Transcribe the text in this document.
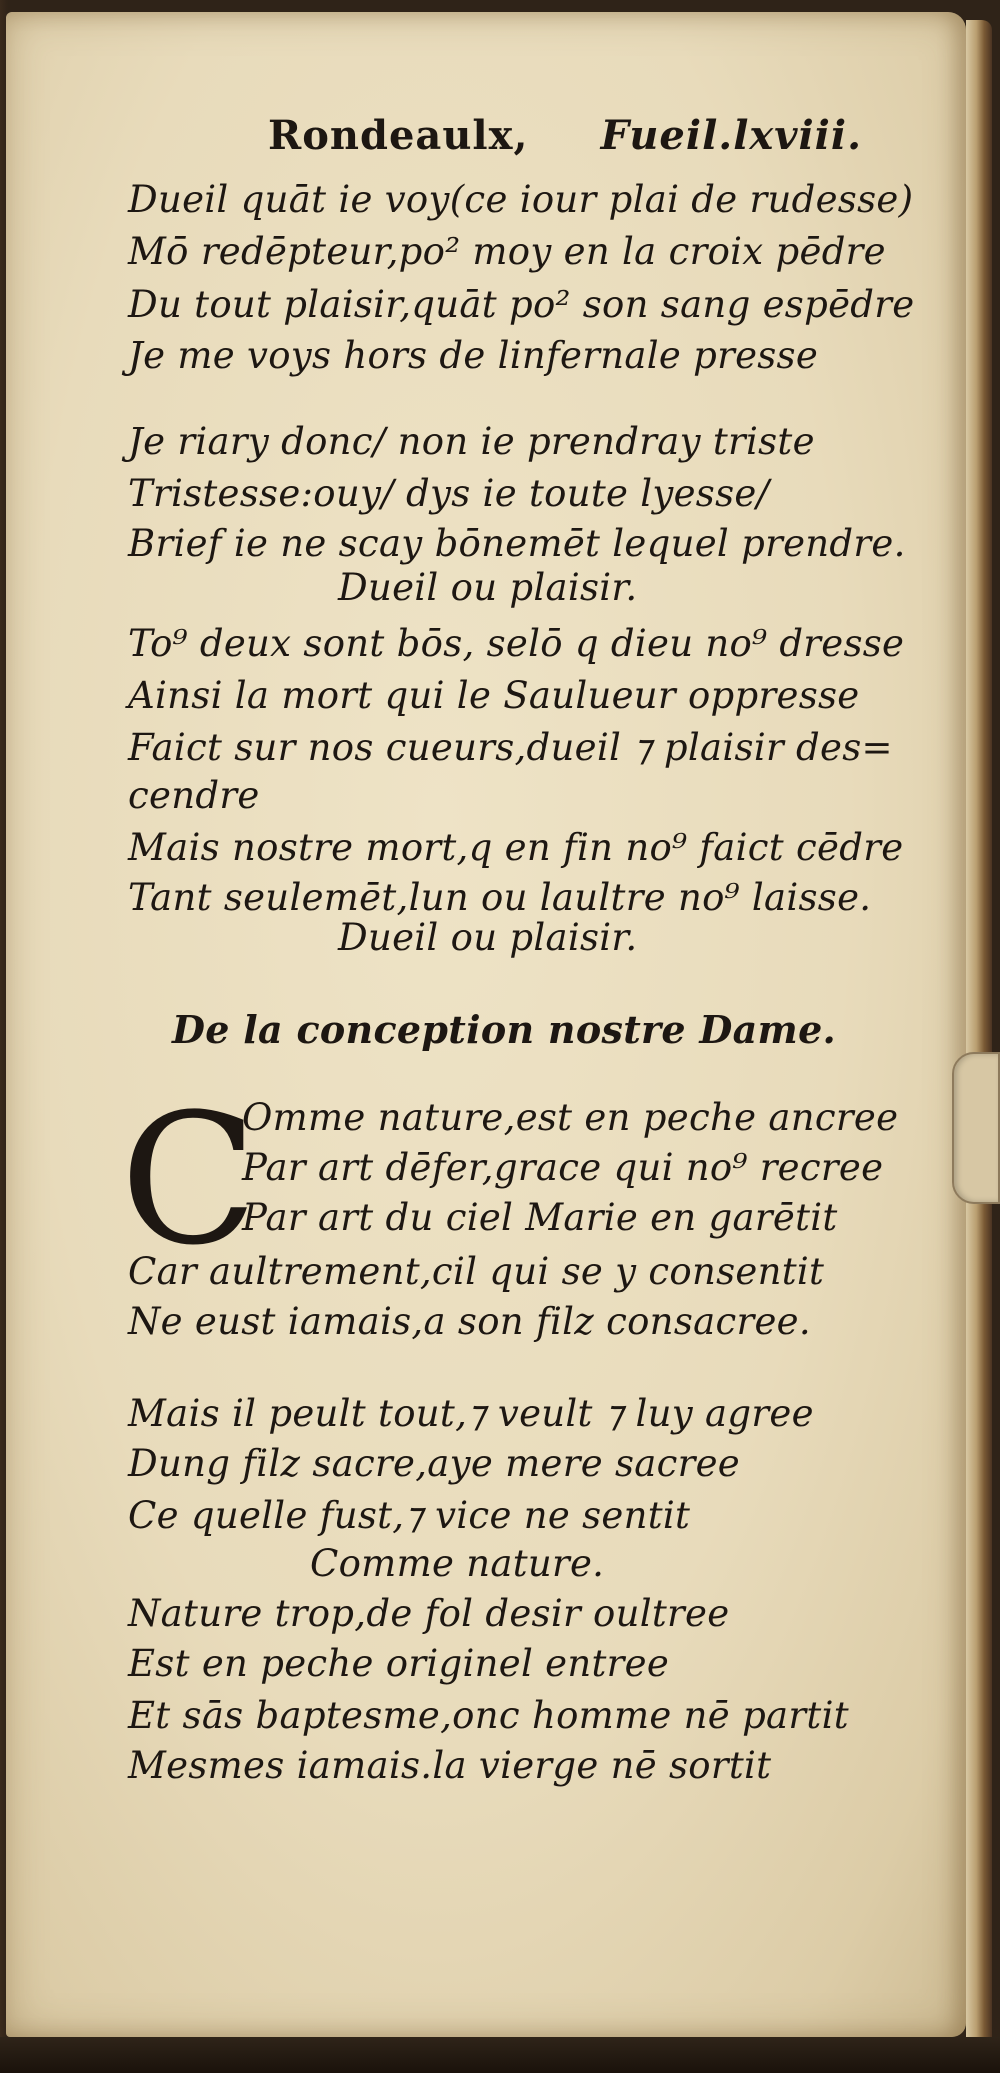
Rondeaulx, Fueil.lxviii.
Dueil quāt ie voy(ce iour plai de rudesse)
Mō redēpteur,po² moy en la croix pēdre
Du tout plaisir,quāt po² son sang espēdre
Je me voys hors de linfernale presse
Je riary donc/ non ie prendray triste
Tristesse:ouy/ dys ie toute lyesse/
Brief ie ne scay bōnemēt lequel prendre.
Dueil ou plaisir.
To⁹ deux sont bōs, selō q dieu no⁹ dresse
Ainsi la mort qui le Saulueur oppresse
Faict sur nos cueurs,dueil ⁊ plaisir des=
cendre
Mais nostre mort,q en fin no⁹ faict cēdre
Tant seulemēt,lun ou laultre no⁹ laisse.
Dueil ou plaisir.
De la conception nostre Dame.
C
Omme nature,est en peche ancree
Par art dēfer,grace qui no⁹ recree
Par art du ciel Marie en garētit
Car aultrement,cil qui se y consentit
Ne eust iamais,a son filz consacree.
Mais il peult tout,⁊ veult ⁊ luy agree
Dung filz sacre,aye mere sacree
Ce quelle fust,⁊ vice ne sentit
Comme nature.
Nature trop,de fol desir oultree
Est en peche originel entree
Et sās baptesme,onc homme nē partit
Mesmes iamais.la vierge nē sortit
